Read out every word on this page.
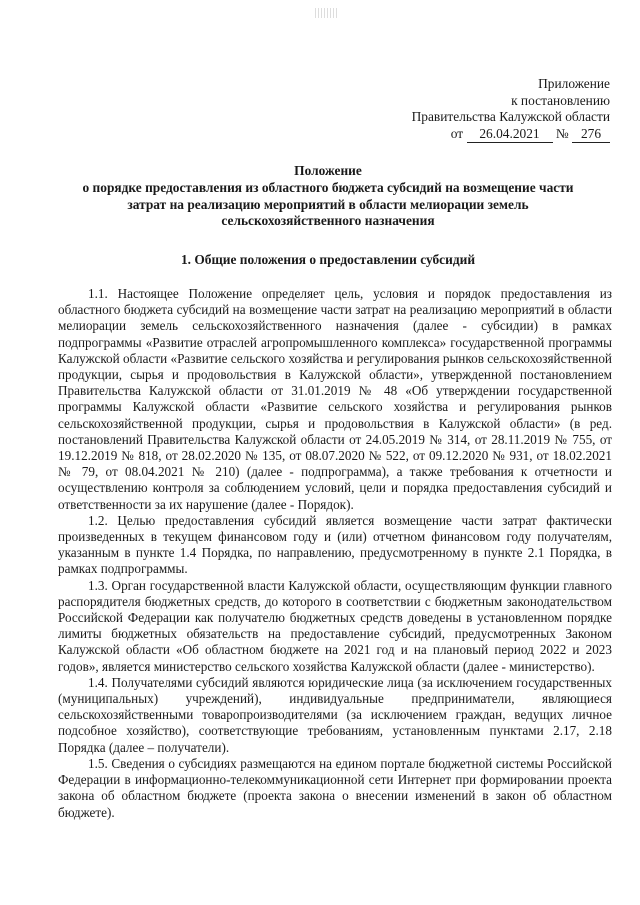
Приложение
к постановлению
Правительства Калужской области
от 26.04.2021 № 276
Положение
о порядке предоставления из областного бюджета субсидий на возмещение части
затрат на реализацию мероприятий в области мелиорации земель
сельскохозяйственного назначения
1. Общие положения о предоставлении субсидий

1.1. Настоящее Положение определяет цель, условия и порядок предоставления из областного бюджета субсидий на возмещение части затрат на реализацию мероприятий в области мелиорации земель сельскохозяйственного назначения (далее - субсидии) в рамках подпрограммы «Развитие отраслей агропромышленного комплекса» государственной программы Калужской области «Развитие сельского хозяйства и регулирования рынков сельскохозяйственной продукции, сырья и продовольствия в Калужской области», утвержденной постановлением Правительства Калужской области от 31.01.2019 № 48 «Об утверждении государственной программы Калужской области «Развитие сельского хозяйства и регулирования рынков сельскохозяйственной продукции, сырья и продовольствия в Калужской области» (в ред. постановлений Правительства Калужской области от 24.05.2019 № 314, от 28.11.2019 № 755, от 19.12.2019 № 818, от 28.02.2020 № 135, от 08.07.2020 № 522, от 09.12.2020 № 931, от 18.02.2021 № 79, от 08.04.2021 № 210) (далее - подпрограмма), а также требования к отчетности и осуществлению контроля за соблюдением условий, цели и порядка предоставления субсидий и ответственности за их нарушение (далее - Порядок).

1.2. Целью предоставления субсидий является возмещение части затрат фактически произведенных в текущем финансовом году и (или) отчетном финансовом году получателям, указанным в пункте 1.4 Порядка, по направлению, предусмотренному в пункте 2.1 Порядка, в рамках подпрограммы.

1.3. Орган государственной власти Калужской области, осуществляющим функции главного распорядителя бюджетных средств, до которого в соответствии с бюджетным законодательством Российской Федерации как получателю бюджетных средств доведены в установленном порядке лимиты бюджетных обязательств на предоставление субсидий, предусмотренных Законом Калужской области «Об областном бюджете на 2021 год и на плановый период 2022 и 2023 годов», является министерство сельского хозяйства Калужской области (далее - министерство).

1.4. Получателями субсидий являются юридические лица (за исключением государственных (муниципальных) учреждений), индивидуальные предприниматели, являющиеся сельскохозяйственными товаропроизводителями (за исключением граждан, ведущих личное подсобное хозяйство), соответствующие требованиям, установленным пунктами 2.17, 2.18 Порядка (далее – получатели).

1.5. Сведения о субсидиях размещаются на едином портале бюджетной системы Российской Федерации в информационно-телекоммуникационной сети Интернет при формировании проекта закона об областном бюджете (проекта закона о внесении изменений в закон об областном бюджете).
